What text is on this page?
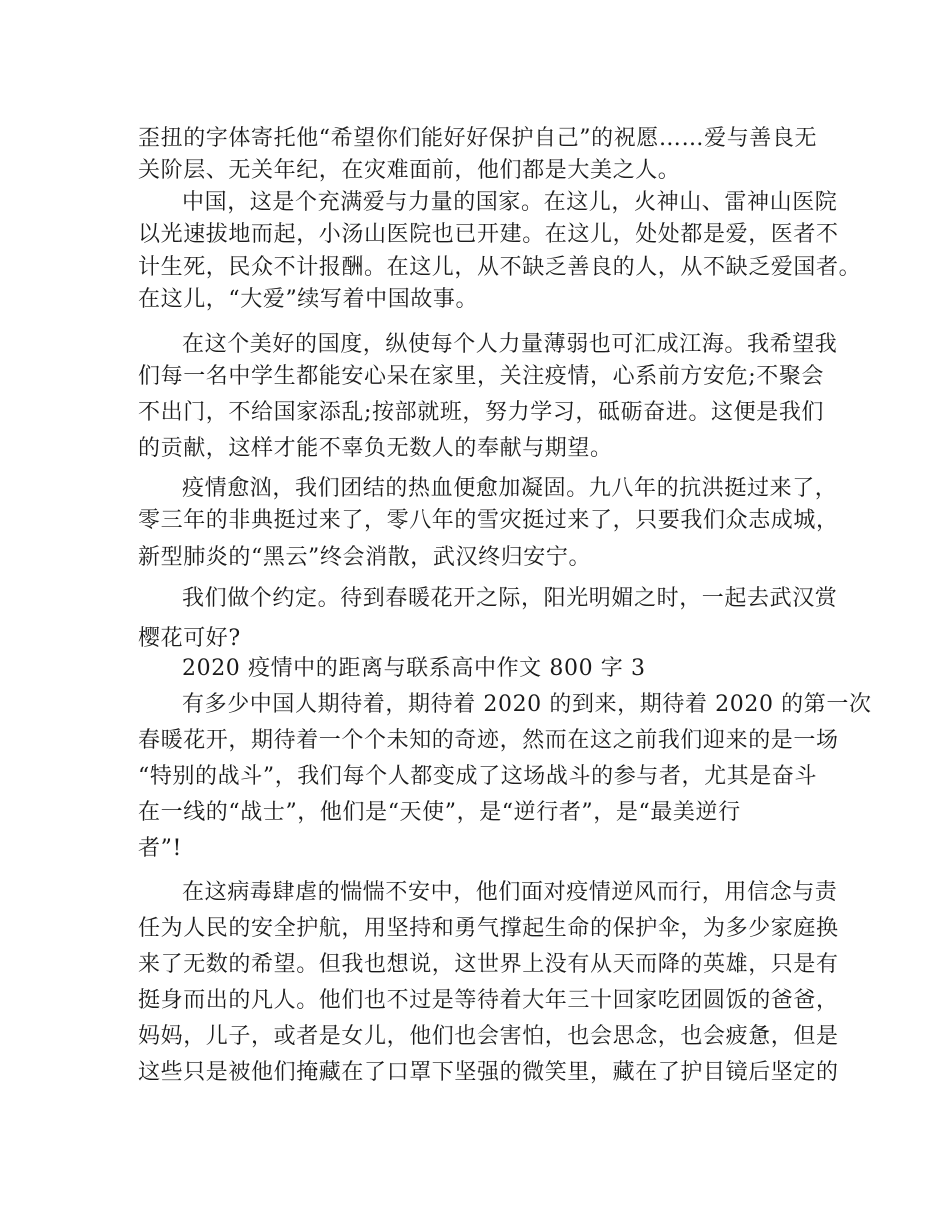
歪扭的字体寄托他“希望你们能好好保护自己”的祝愿……爱与善良无
关阶层、无关年纪，在灾难面前，他们都是大美之人。
中国，这是个充满爱与力量的国家。在这儿，火神山、雷神山医院
以光速拔地而起，小汤山医院也已开建。在这儿，处处都是爱，医者不
计生死，民众不计报酬。在这儿，从不缺乏善良的人，从不缺乏爱国者。
在这儿，“大爱”续写着中国故事。
在这个美好的国度，纵使每个人力量薄弱也可汇成江海。我希望我
们每一名中学生都能安心呆在家里，关注疫情，心系前方安危;不聚会
不出门，不给国家添乱;按部就班，努力学习，砥砺奋进。这便是我们
的贡献，这样才能不辜负无数人的奉献与期望。
疫情愈汹，我们团结的热血便愈加凝固。九八年的抗洪挺过来了，
零三年的非典挺过来了，零八年的雪灾挺过来了，只要我们众志成城，
新型肺炎的“黑云”终会消散，武汉终归安宁。
我们做个约定。待到春暖花开之际，阳光明媚之时，一起去武汉赏
樱花可好?
2020 疫情中的距离与联系高中作文 800 字 3
有多少中国人期待着，期待着 2020 的到来，期待着 2020 的第一次
春暖花开，期待着一个个未知的奇迹，然而在这之前我们迎来的是一场
“特别的战斗”，我们每个人都变成了这场战斗的参与者，尤其是奋斗
在一线的“战士”，他们是“天使”，是“逆行者”，是“最美逆行
者”!
在这病毒肆虐的惴惴不安中，他们面对疫情逆风而行，用信念与责
任为人民的安全护航，用坚持和勇气撑起生命的保护伞，为多少家庭换
来了无数的希望。但我也想说，这世界上没有从天而降的英雄，只是有
挺身而出的凡人。他们也不过是等待着大年三十回家吃团圆饭的爸爸，
妈妈，儿子，或者是女儿，他们也会害怕，也会思念，也会疲惫，但是
这些只是被他们掩藏在了口罩下坚强的微笑里，藏在了护目镜后坚定的
